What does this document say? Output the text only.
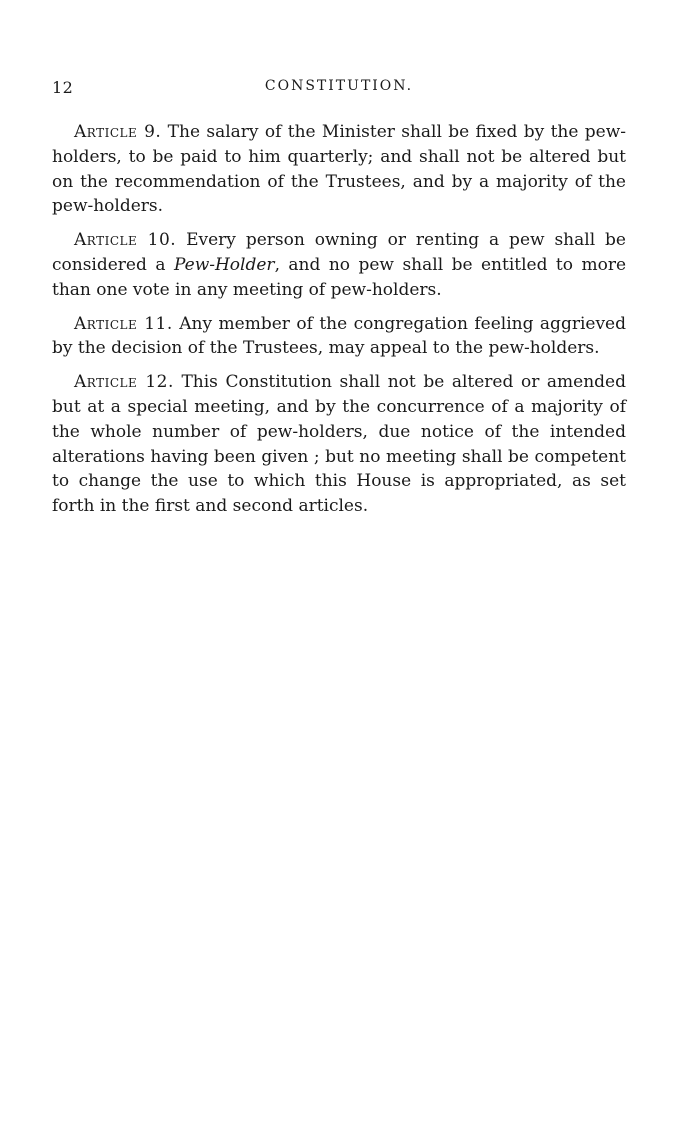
12	CONSTITUTION.

Article 9. The salary of the Minister shall be fixed by the pew-holders, to be paid to him quarterly; and shall not be altered but on the recommendation of the Trustees, and by a majority of the pew-holders.

Article 10. Every person owning or renting a pew shall be considered a Pew-Holder, and no pew shall be entitled to more than one vote in any meeting of pew-holders.

Article 11. Any member of the congregation feeling aggrieved by the decision of the Trustees, may appeal to the pew-holders.

Article 12. This Constitution shall not be altered or amended but at a special meeting, and by the concurrence of a majority of the whole number of pew-holders, due notice of the intended alterations having been given ; but no meeting shall be competent to change the use to which this House is appropriated, as set forth in the first and second articles.
